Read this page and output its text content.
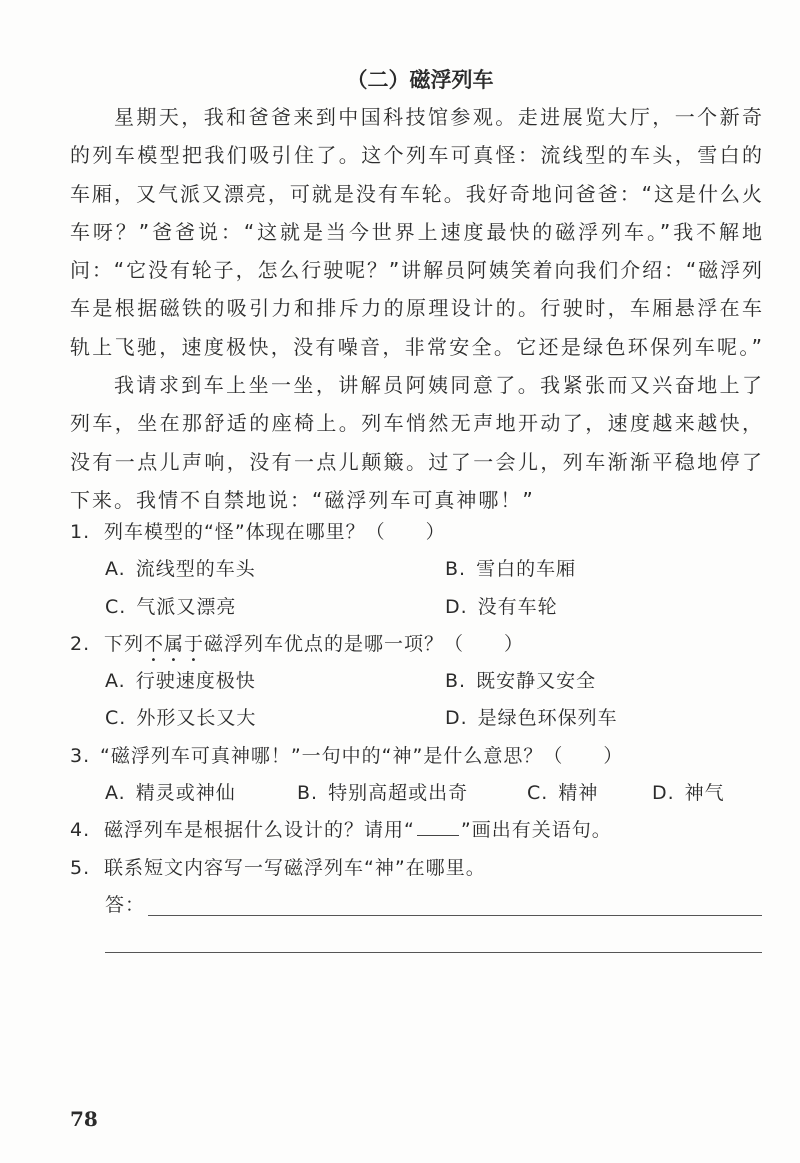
（二）磁浮列车
星期天，我和爸爸来到中国科技馆参观。走进展览大厅，一个新奇
的列车模型把我们吸引住了。这个列车可真怪：流线型的车头，雪白的
车厢，又气派又漂亮，可就是没有车轮。我好奇地问爸爸：“这是什么火
车呀？”爸爸说：“这就是当今世界上速度最快的磁浮列车。”我不解地
问：“它没有轮子，怎么行驶呢？”讲解员阿姨笑着向我们介绍：“磁浮列
车是根据磁铁的吸引力和排斥力的原理设计的。行驶时，车厢悬浮在车
轨上飞驰，速度极快，没有噪音，非常安全。它还是绿色环保列车呢。”
我请求到车上坐一坐，讲解员阿姨同意了。我紧张而又兴奋地上了
列车，坐在那舒适的座椅上。列车悄然无声地开动了，速度越来越快，
没有一点儿声响，没有一点儿颠簸。过了一会儿，列车渐渐平稳地停了
下来。我情不自禁地说：“磁浮列车可真神哪！”
1. 列车模型的“怪”体现在哪里？（　　）
A. 流线型的车头	B. 雪白的车厢
C. 气派又漂亮	D. 没有车轮
2. 下列不属于磁浮列车优点的是哪一项？（　　）
A. 行驶速度极快	B. 既安静又安全
C. 外形又长又大	D. 是绿色环保列车
3. “磁浮列车可真神哪！”一句中的“神”是什么意思？（　　）
A. 精灵或神仙	B. 特别高超或出奇	C. 精神	D. 神气
4. 磁浮列车是根据什么设计的？请用“ ”画出有关语句。
5. 联系短文内容写一写磁浮列车“神”在哪里。
答：
78
